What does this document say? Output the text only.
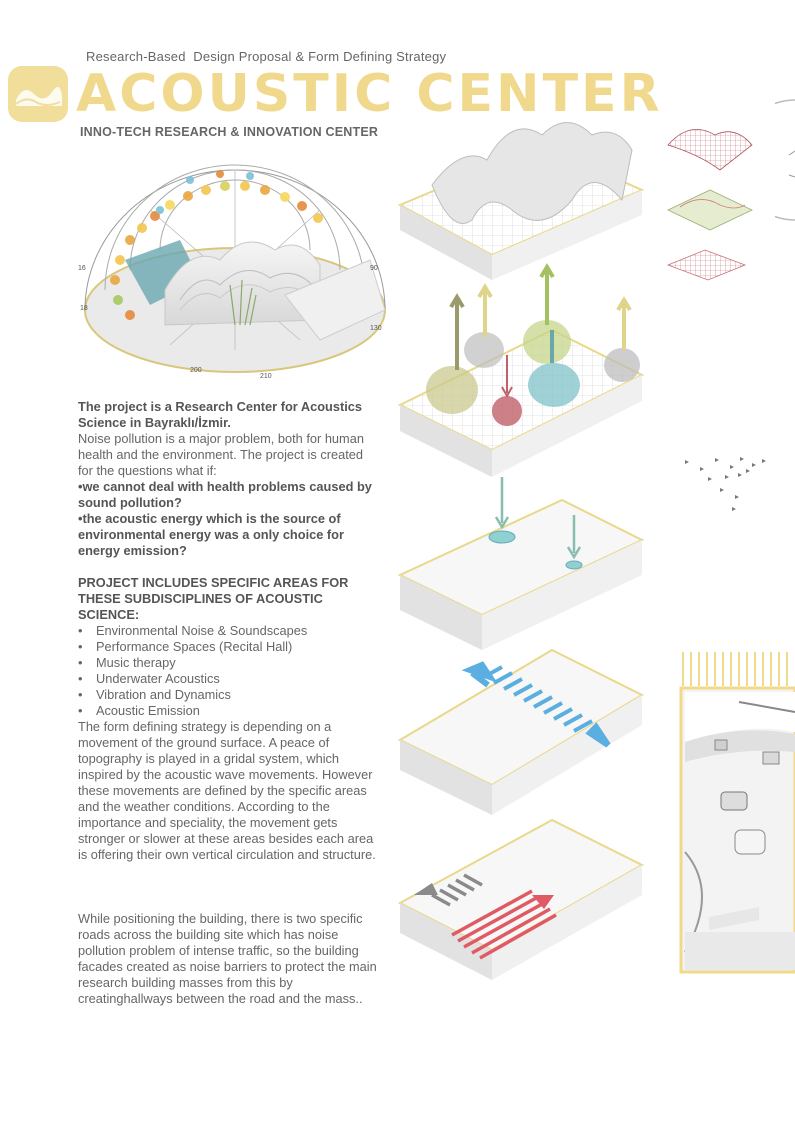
Research-Based  Design Proposal & Form Defining Strategy
ACOUSTIC CENTER
INNO-TECH RESEARCH & INNOVATION CENTER
16
18
90
130
200
210
The project is a Research Center for Acoustics Science in Bayraklı/İzmir.
Noise pollution is a major problem, both for human health and the environment. The project is created for the questions what if:
•we cannot deal with health problems caused by sound pollution?
•the acoustic energy which is the source of environmental energy was a only choice for energy emission?
PROJECT INCLUDES SPECIFIC AREAS FOR THESE SUBDISCIPLINES OF ACOUSTIC SCIENCE:
• Environmental Noise & Soundscapes
• Performance Spaces (Recital Hall)
• Music therapy
• Underwater Acoustics
• Vibration and Dynamics
• Acoustic Emission
The form defining strategy is depending on a movement of the ground surface. A peace of topography is played in a gridal system, which inspired by the acoustic wave movements. However these movements are defined by the specific areas and the weather conditions. According to the importance and speciality, the movement gets stronger or slower at these areas besides each area is offering their own vertical circulation and structure.
While positioning the building, there is two specific roads across the building site which has noise pollution problem of intense traffic, so the building facades created as noise barriers to protect the main research building masses from this by creatinghallways between the road and the mass..
